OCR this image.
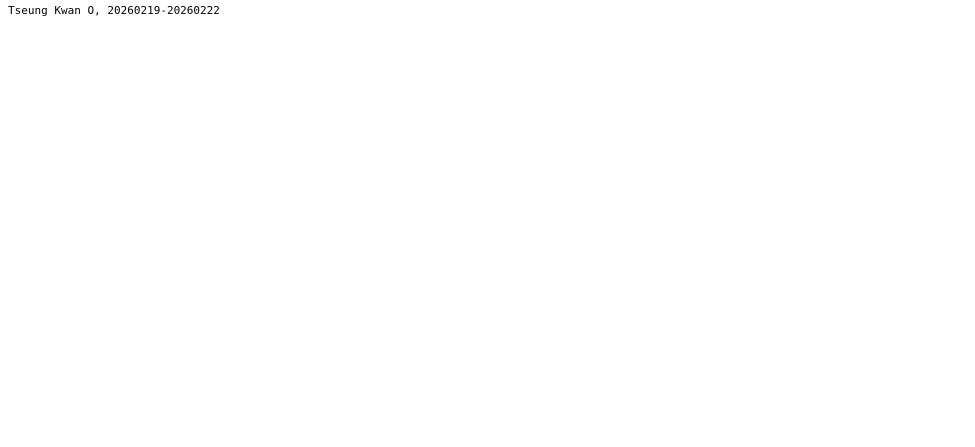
Tseung Kwan O, 20260219-20260222
